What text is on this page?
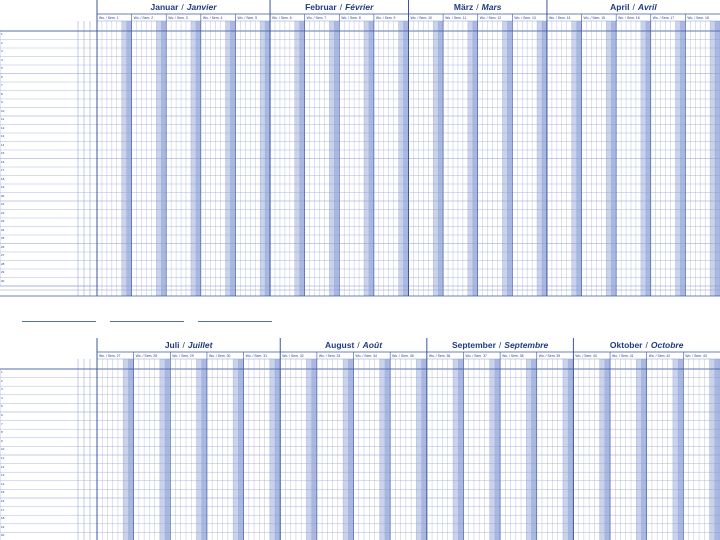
Januar / Janvier
Wo. / Sem. 1	Wo. / Sem. 2	Wo. / Sem. 3	Wo. / Sem. 4	Wo. / Sem. 5
Februar / Février
Wo. / Sem. 6	Wo. / Sem. 7	Wo. / Sem. 8	Wo. / Sem. 9
März / Mars
Wo. / Sem. 10	Wo. / Sem. 11	Wo. / Sem. 12	Wo. / Sem. 13
April / Avril
Wo. / Sem. 14	Wo. / Sem. 15	Wo. / Sem. 16	Wo. / Sem. 17	Wo. / Sem. 18
1
2
3
4
5
6
7
8
9
10
11
12
13
14
15
16
17
18
19
20
21
22
23
24
25
26
27
28
29
30
Juli / Juillet
Wo. / Sem. 27	Wo. / Sem. 28	Wo. / Sem. 29	Wo. / Sem. 30	Wo. / Sem. 31
August / Août
Wo. / Sem. 32	Wo. / Sem. 33	Wo. / Sem. 34	Wo. / Sem. 35
September / Septembre
Wo. / Sem. 36	Wo. / Sem. 37	Wo. / Sem. 38	Wo. / Sem. 39
Oktober / Octobre
Wo. / Sem. 40	Wo. / Sem. 41	Wo. / Sem. 42	Wo. / Sem. 43
1
2
3
4
5
6
7
8
9
10
11
12
13
14
15
16
17
18
19
20
